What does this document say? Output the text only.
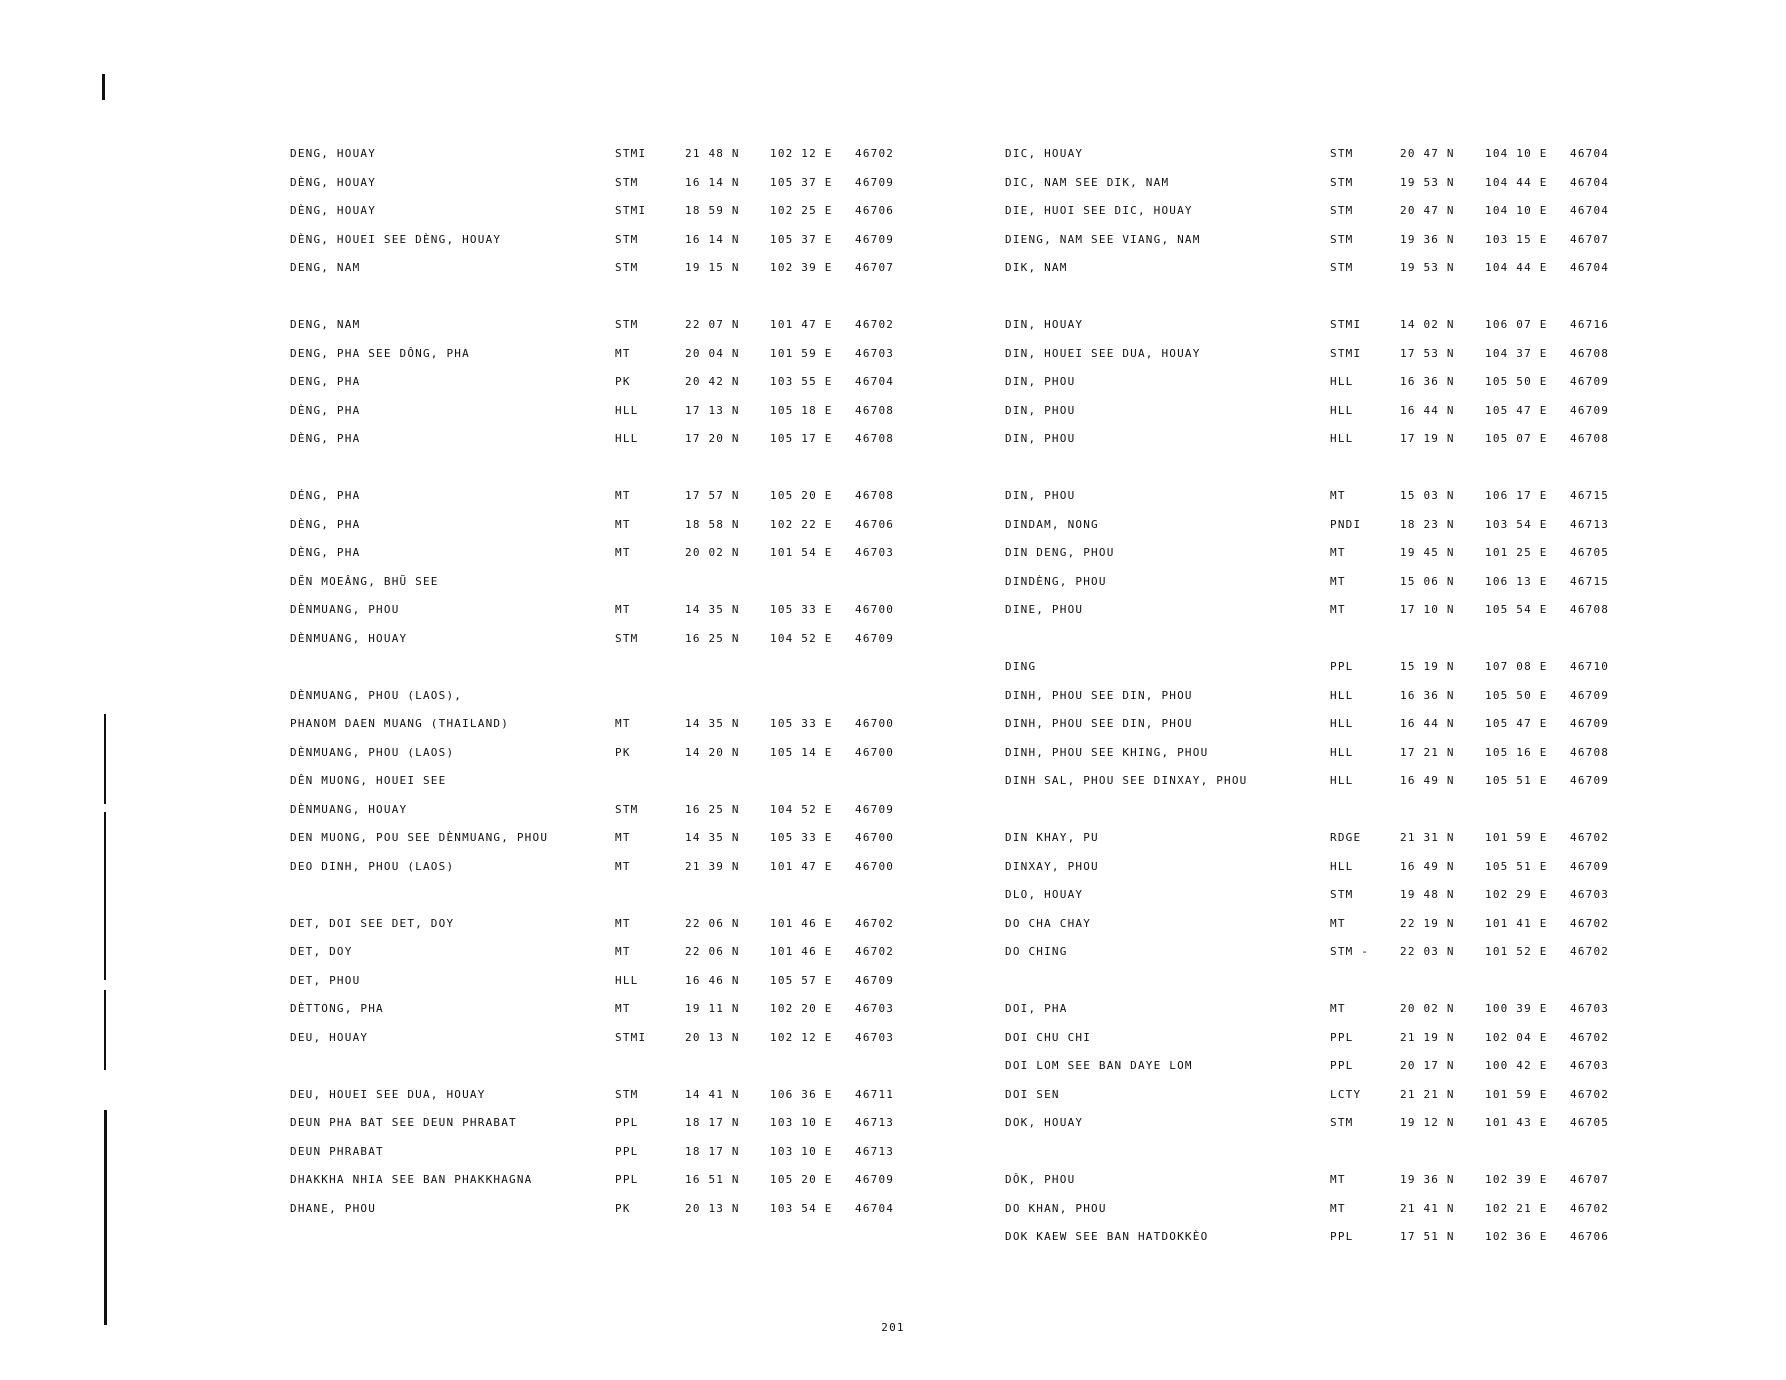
DENG, HOUAY	STMI	21 48 N	102 12 E 46702
DÈNG, HOUAY	STM	16 14 N	105 37 E 46709
DÈNG, HOUAY	STMI	18 59 N	102 25 E 46706
DÈNG, HOUEI SEE DÈNG, HOUAY	STM	16 14 N	105 37 E 46709
DENG, NAM	STM	19 15 N	102 39 E 46707
DENG, NAM	STM	22 07 N	101 47 E 46702
DENG, PHA SEE DÔNG, PHA	MT	20 04 N	101 59 E 46703
DENG, PHA	PK	20 42 N	103 55 E 46704
DÈNG, PHA	HLL	17 13 N	105 18 E 46708
DÈNG, PHA	HLL	17 20 N	105 17 E 46708
DÉNG, PHA	MT	17 57 N	105 20 E 46708
DÈNG, PHA	MT	18 58 N	102 22 E 46706
DÈNG, PHA	MT	20 02 N	101 54 E 46703
DẼN MOEÂNG, BHŨ SEE
DÈNMUANG, PHOU	MT	14 35 N	105 33 E 46700
DÈNMUANG, HOUAY	STM	16 25 N	104 52 E 46709
DÈNMUANG, PHOU (LAOS),
PHANOM DAEN MUANG (THAILAND)	MT	14 35 N	105 33 E 46700
DÈNMUANG, PHOU (LAOS)	PK	14 20 N	105 14 E 46700
DÊN MUONG, HOUEI SEE
DÈNMUANG, HOUAY	STM	16 25 N	104 52 E 46709
DEN MUONG, POU SEE DÈNMUANG, PHOU	MT	14 35 N	105 33 E 46700
DEO DINH, PHOU (LAOS)	MT	21 39 N	101 47 E 46700
DET, DOI SEE DET, DOY	MT	22 06 N	101 46 E 46702
DET, DOY	MT	22 06 N	101 46 E 46702
DET, PHOU	HLL	16 46 N	105 57 E 46709
DÈTTONG, PHA	MT	19 11 N	102 20 E 46703
DEU, HOUAY	STMI	20 13 N	102 12 E 46703
DEU, HOUEI SEE DUA, HOUAY	STM	14 41 N	106 36 E 46711
DEUN PHA BAT SEE DEUN PHRABAT	PPL	18 17 N	103 10 E 46713
DEUN PHRABAT	PPL	18 17 N	103 10 E 46713
DHAKKHA NHIA SEE BAN PHAKKHAGNA	PPL	16 51 N	105 20 E 46709
DHANE, PHOU	PK	20 13 N	103 54 E 46704
DIC, HOUAY	STM	20 47 N	104 10 E 46704
DIC, NAM SEE DIK, NAM	STM	19 53 N	104 44 E 46704
DIE, HUOI SEE DIC, HOUAY	STM	20 47 N	104 10 E 46704
DIENG, NAM SEE VIANG, NAM	STM	19 36 N	103 15 E 46707
DIK, NAM	STM	19 53 N	104 44 E 46704
DIN, HOUAY	STMI	14 02 N	106 07 E 46716
DIN, HOUEI SEE DUA, HOUAY	STMI	17 53 N	104 37 E 46708
DIN, PHOU	HLL	16 36 N	105 50 E 46709
DIN, PHOU	HLL	16 44 N	105 47 E 46709
DIN, PHOU	HLL	17 19 N	105 07 E 46708
DIN, PHOU	MT	15 03 N	106 17 E 46715
DINDAM, NONG	PNDI	18 23 N	103 54 E 46713
DIN DENG, PHOU	MT	19 45 N	101 25 E 46705
DINDÈNG, PHOU	MT	15 06 N	106 13 E 46715
DINE, PHOU	MT	17 10 N	105 54 E 46708
DING	PPL	15 19 N	107 08 E 46710
DINH, PHOU SEE DIN, PHOU	HLL	16 36 N	105 50 E 46709
DINH, PHOU SEE DIN, PHOU	HLL	16 44 N	105 47 E 46709
DINH, PHOU SEE KHING, PHOU	HLL	17 21 N	105 16 E 46708
DINH SAL, PHOU SEE DINXAY, PHOU	HLL	16 49 N	105 51 E 46709
DIN KHAY, PU	RDGE	21 31 N	101 59 E 46702
DINXAY, PHOU	HLL	16 49 N	105 51 E 46709
DLO, HOUAY	STM	19 48 N	102 29 E 46703
DO CHA CHAY	MT	22 19 N	101 41 E 46702
DO CHING	STM -	22 03 N	101 52 E 46702
DOI, PHA	MT	20 02 N	100 39 E 46703
DOI CHU CHI	PPL	21 19 N	102 04 E 46702
DOI LOM SEE BAN DAYE LOM	PPL	20 17 N	100 42 E 46703
DOI SEN	LCTY	21 21 N	101 59 E 46702
DOK, HOUAY	STM	19 12 N	101 43 E 46705
DÔK, PHOU	MT	19 36 N	102 39 E 46707
DO KHAN, PHOU	MT	21 41 N	102 21 E 46702
DOK KAEW SEE BAN HATDOKKÈO	PPL	17 51 N	102 36 E 46706
201
